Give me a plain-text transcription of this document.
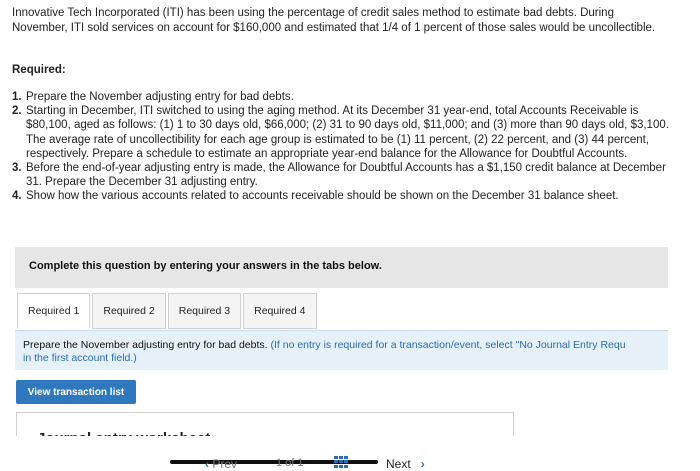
Innovative Tech Incorporated (ITI) has been using the percentage of credit sales method to estimate bad debts. During November, ITI sold services on account for $160,000 and estimated that 1/4 of 1 percent of those sales would be uncollectible.
Required:
1. Prepare the November adjusting entry for bad debts.
2. Starting in December, ITI switched to using the aging method. At its December 31 year-end, total Accounts Receivable is $80,100, aged as follows: (1) 1 to 30 days old, $66,000; (2) 31 to 90 days old, $11,000; and (3) more than 90 days old, $3,100. The average rate of uncollectibility for each age group is estimated to be (1) 11 percent, (2) 22 percent, and (3) 44 percent, respectively. Prepare a schedule to estimate an appropriate year-end balance for the Allowance for Doubtful Accounts.
3. Before the end-of-year adjusting entry is made, the Allowance for Doubtful Accounts has a $1,150 credit balance at December 31. Prepare the December 31 adjusting entry.
4. Show how the various accounts related to accounts receivable should be shown on the December 31 balance sheet.
Complete this question by entering your answers in the tabs below.
Required 1	Required 2	Required 3	Required 4
Prepare the November adjusting entry for bad debts. (If no entry is required for a transaction/event, select "No Journal Entry Requ
in the first account field.)
View transaction list
‹ Prev	1 of 1	Next ›
